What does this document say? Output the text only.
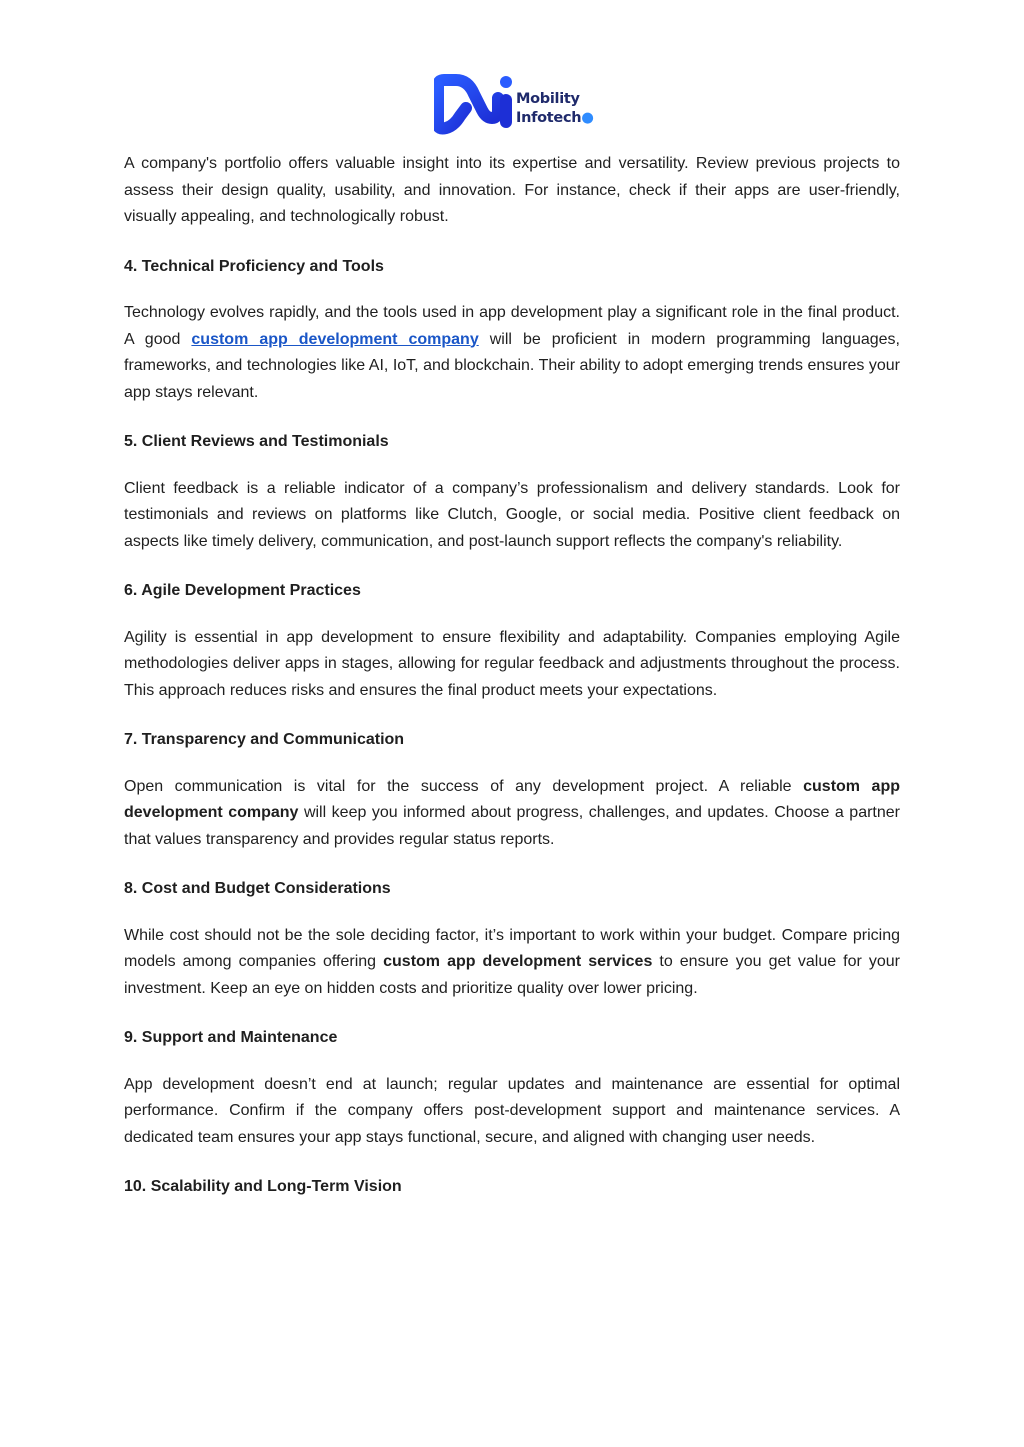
Mobility
Infotech●

A company's portfolio offers valuable insight into its expertise and versatility. Review previous projects to assess their design quality, usability, and innovation. For instance, check if their apps are user-friendly, visually appealing, and technologically robust.

4. Technical Proficiency and Tools

Technology evolves rapidly, and the tools used in app development play a significant role in the final product. A good custom app development company will be proficient in modern programming languages, frameworks, and technologies like AI, IoT, and blockchain. Their ability to adopt emerging trends ensures your app stays relevant.

5. Client Reviews and Testimonials

Client feedback is a reliable indicator of a company’s professionalism and delivery standards. Look for testimonials and reviews on platforms like Clutch, Google, or social media. Positive client feedback on aspects like timely delivery, communication, and post-launch support reflects the company's reliability.

6. Agile Development Practices

Agility is essential in app development to ensure flexibility and adaptability. Companies employing Agile methodologies deliver apps in stages, allowing for regular feedback and adjustments throughout the process. This approach reduces risks and ensures the final product meets your expectations.

7. Transparency and Communication

Open communication is vital for the success of any development project. A reliable custom app development company will keep you informed about progress, challenges, and updates. Choose a partner that values transparency and provides regular status reports.

8. Cost and Budget Considerations

While cost should not be the sole deciding factor, it’s important to work within your budget. Compare pricing models among companies offering custom app development services to ensure you get value for your investment. Keep an eye on hidden costs and prioritize quality over lower pricing.

9. Support and Maintenance

App development doesn’t end at launch; regular updates and maintenance are essential for optimal performance. Confirm if the company offers post-development support and maintenance services. A dedicated team ensures your app stays functional, secure, and aligned with changing user needs.

10. Scalability and Long-Term Vision
